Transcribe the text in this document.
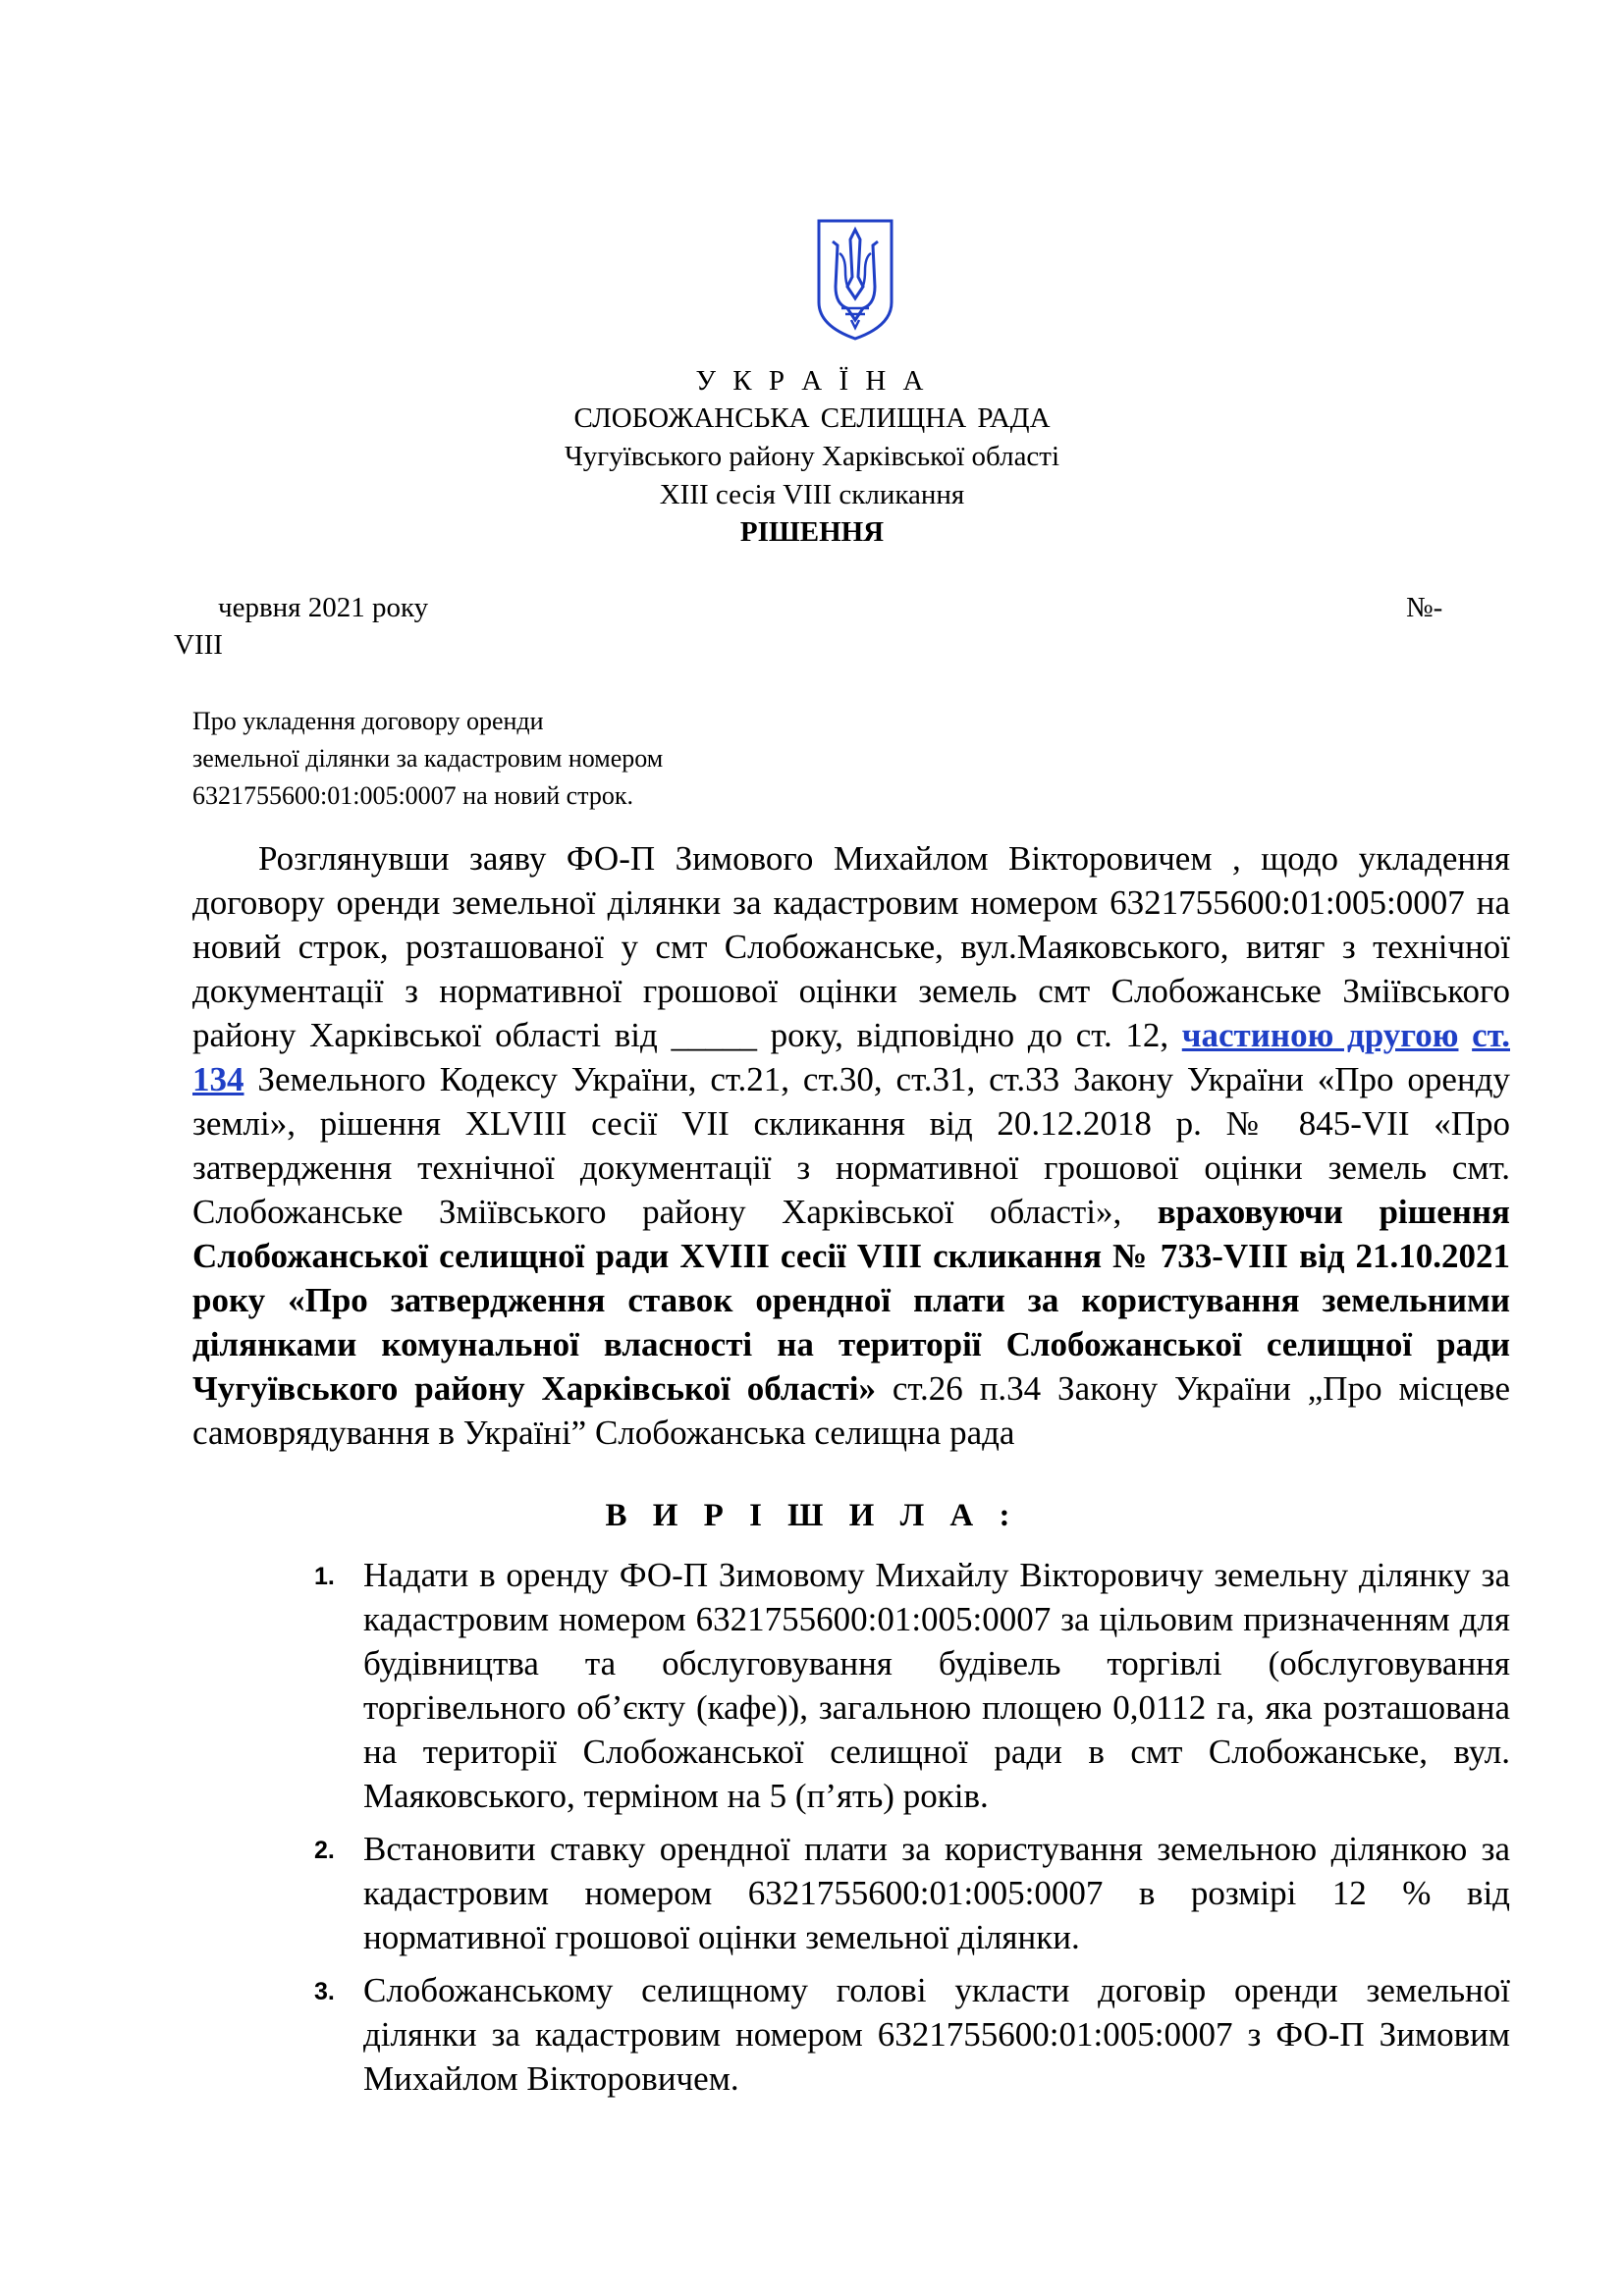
У К Р А Ї Н А
СЛОБОЖАНСЬКА СЕЛИЩНА РАДА
Чугуївського району Харківської області
XIII сесія VIII скликання
РІШЕННЯ
червня 2021 року	№-
VIII
Про укладення договору оренди
земельної ділянки за кадастровим номером
6321755600:01:005:0007 на новий строк.
Розглянувши заяву ФО-П Зимового Михайлом Вікторовичем , щодо укладення договору оренди земельної ділянки за кадастровим номером 6321755600:01:005:0007 на новий строк, розташованої у смт Слобожанське, вул.Маяковського, витяг з технічної документації з нормативної грошової оцінки земель смт Слобожанське Зміївського району Харківської області від _____ року, відповідно до ст. 12, частиною другою ст. 134 Земельного Кодексу України, ст.21, ст.30, ст.31, ст.33 Закону України «Про оренду землі», рішення XLVIII сесії VII скликання від 20.12.2018 р. № 845-VII «Про затвердження технічної документації з нормативної грошової оцінки земель смт. Слобожанське Зміївського району Харківської області», враховуючи рішення Слобожанської селищної ради XVIII сесії VIII скликання № 733-VIII від 21.10.2021 року «Про затвердження ставок орендної плати за користування земельними ділянками комунальної власності на території Слобожанської селищної ради Чугуївського району Харківської області» ст.26 п.34 Закону України „Про місцеве самоврядування в Україні” Слобожанська селищна рада
В И Р І Ш И Л А :
1. Надати в оренду ФО-П Зимовому Михайлу Вікторовичу земельну ділянку за кадастровим номером 6321755600:01:005:0007 за цільовим призначенням для будівництва та обслуговування будівель торгівлі (обслуговування торгівельного об’єкту (кафе)), загальною площею 0,0112 га, яка розташована на території Слобожанської селищної ради в смт Слобожанське, вул. Маяковського, терміном на 5 (п’ять) років.
2. Встановити ставку орендної плати за користування земельною ділянкою за кадастровим номером 6321755600:01:005:0007 в розмірі 12 % від нормативної грошової оцінки земельної ділянки.
3. Слобожанському селищному голові укласти договір оренди земельної ділянки за кадастровим номером 6321755600:01:005:0007 з ФО-П Зимовим Михайлом Вікторовичем.
